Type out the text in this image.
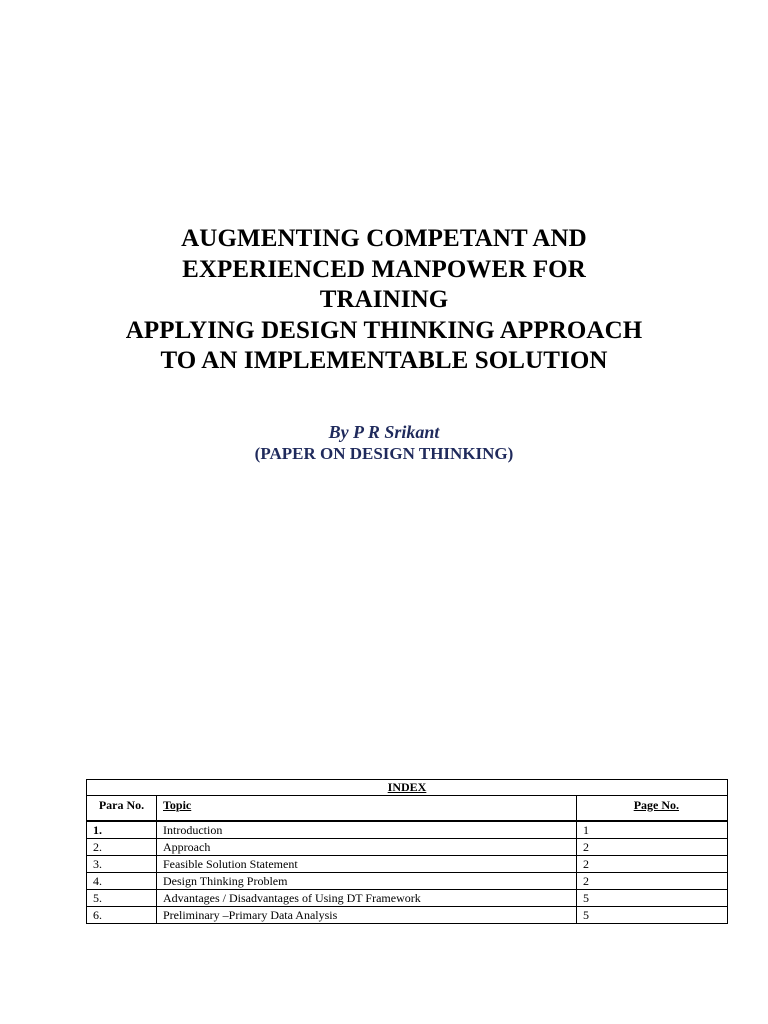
AUGMENTING COMPETANT AND
EXPERIENCED MANPOWER FOR
TRAINING
APPLYING DESIGN THINKING APPROACH
TO AN IMPLEMENTABLE SOLUTION
By P R Srikant
(PAPER ON DESIGN THINKING)
INDEX		
Para No.	Topic	Page No.
1.	Introduction	1
2.	Approach	2
3.	Feasible Solution Statement	2
4.	Design Thinking Problem	2
5.	Advantages / Disadvantages of Using DT Framework	5
6.	Preliminary –Primary Data Analysis	5
